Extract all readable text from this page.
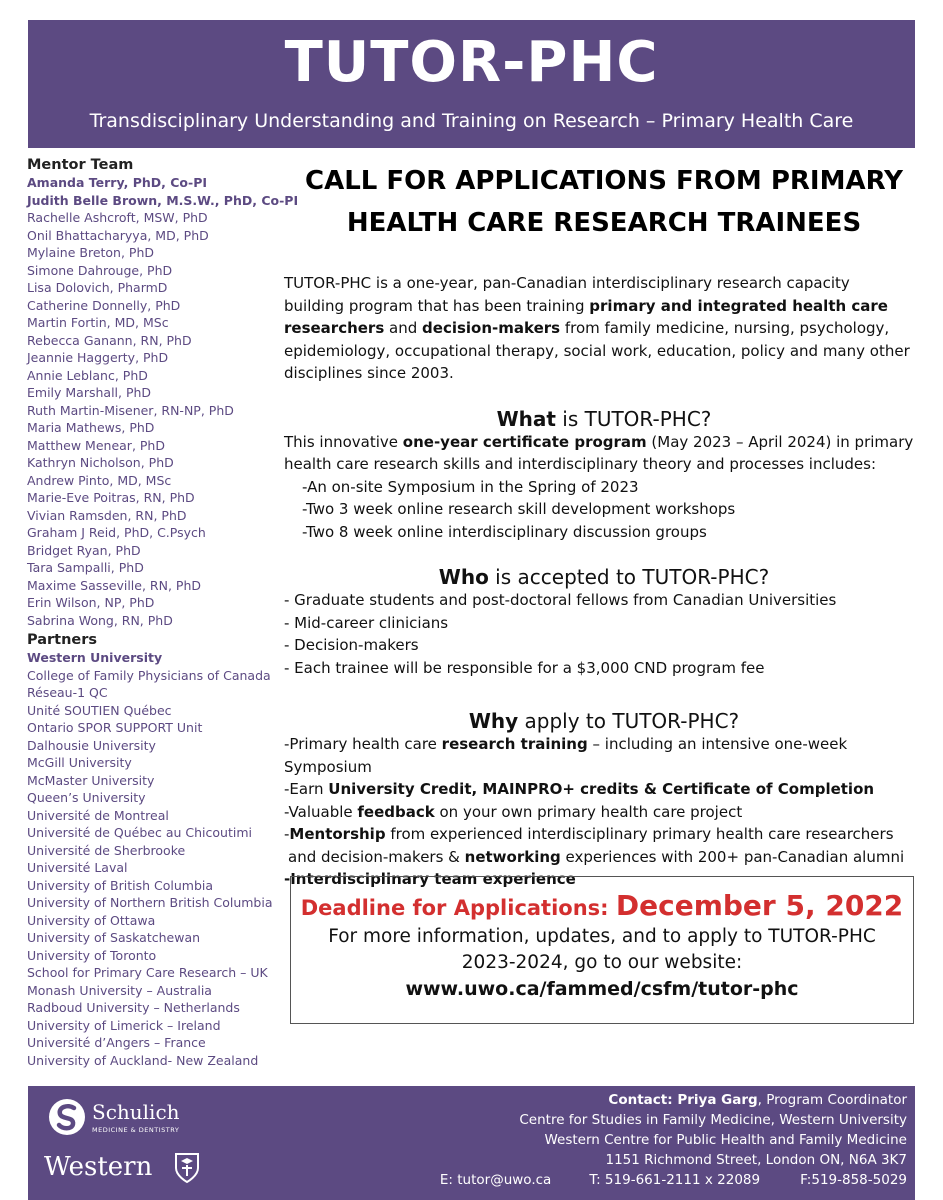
TUTOR-PHC
Transdisciplinary Understanding and Training on Research – Primary Health Care
Mentor Team
Amanda Terry, PhD, Co-PI
Judith Belle Brown, M.S.W., PhD, Co-PI
Rachelle Ashcroft, MSW, PhD
Onil Bhattacharyya, MD, PhD
Mylaine Breton, PhD
Simone Dahrouge, PhD
Lisa Dolovich, PharmD
Catherine Donnelly, PhD
Martin Fortin, MD, MSc
Rebecca Ganann, RN, PhD
Jeannie Haggerty, PhD
Annie Leblanc, PhD
Emily Marshall, PhD
Ruth Martin-Misener, RN-NP, PhD
Maria Mathews, PhD
Matthew Menear, PhD
Kathryn Nicholson, PhD
Andrew Pinto, MD, MSc
Marie-Eve Poitras, RN, PhD
Vivian Ramsden, RN, PhD
Graham J Reid, PhD, C.Psych
Bridget Ryan, PhD
Tara Sampalli, PhD
Maxime Sasseville, RN, PhD
Erin Wilson, NP, PhD
Sabrina Wong, RN, PhD
Partners
Western University
College of Family Physicians of Canada
Réseau-1 QC
Unité SOUTIEN Québec
Ontario SPOR SUPPORT Unit
Dalhousie University
McGill University
McMaster University
Queen’s University
Université de Montreal
Université de Québec au Chicoutimi
Université de Sherbrooke
Université Laval
University of British Columbia
University of Northern British Columbia
University of Ottawa
University of Saskatchewan
University of Toronto
School for Primary Care Research – UK
Monash University – Australia
Radboud University – Netherlands
University of Limerick – Ireland
Université d’Angers – France
University of Auckland- New Zealand
CALL FOR APPLICATIONS FROM PRIMARY
HEALTH CARE RESEARCH TRAINEES

TUTOR-PHC is a one-year, pan-Canadian interdisciplinary research capacity building program that has been training primary and integrated health care researchers and decision-makers from family medicine, nursing, psychology, epidemiology, occupational therapy, social work, education, policy and many other disciplines since 2003.

What is TUTOR-PHC?
This innovative one-year certificate program (May 2023 – April 2024) in primary health care research skills and interdisciplinary theory and processes includes:
-An on-site Symposium in the Spring of 2023
-Two 3 week online research skill development workshops
-Two 8 week online interdisciplinary discussion groups
Who is accepted to TUTOR-PHC?
- Graduate students and post-doctoral fellows from Canadian Universities
- Mid-career clinicians
- Decision-makers
- Each trainee will be responsible for a $3,000 CND program fee
Why apply to TUTOR-PHC?
-Primary health care research training – including an intensive one-week Symposium
-Earn University Credit, MAINPRO+ credits & Certificate of Completion
-Valuable feedback on your own primary health care project
-Mentorship from experienced interdisciplinary primary health care researchers
and decision-makers & networking experiences with 200+ pan-Canadian alumni
-Interdisciplinary team experience
Deadline for Applications: December 5, 2022
For more information, updates, and to apply to TUTOR-PHC
2023-2024, go to our website:
www.uwo.ca/fammed/csfm/tutor-phc
Schulich
MEDICINE & DENTISTRY
Western
Contact: Priya Garg, Program Coordinator
Centre for Studies in Family Medicine, Western University
Western Centre for Public Health and Family Medicine
1151 Richmond Street, London ON, N6A 3K7
E: tutor@uwo.ca	T: 519-661-2111 x 22089	F:519-858-5029
